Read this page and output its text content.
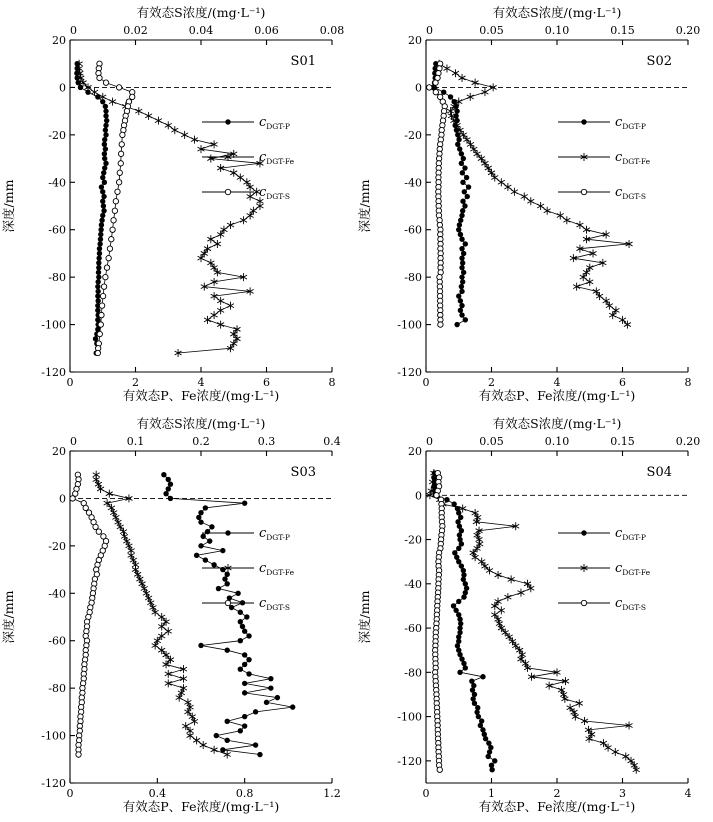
有效态S浓度/(mg·L⁻¹)
有效态P、Fe浓度/(mg·L⁻¹)
深度/mm
0	0.02	0.04	0.06	0.08
0	2	4	6	8
20
0
-20
-40
-60
-80
-100
-120
S01
cDGT-P
cDGT-Fe
cDGT-S
有效态S浓度/(mg·L⁻¹)
有效态P、Fe浓度/(mg·L⁻¹)
深度/mm
0	0.05	0.10	0.15	0.20
0	2	4	6	8
20
0
-20
-40
-60
-80
-100
-120
S02
cDGT-P
cDGT-Fe
cDGT-S
有效态S浓度/(mg·L⁻¹)
有效态P、Fe浓度/(mg·L⁻¹)
深度/mm
0	0.1	0.2	0.3	0.4
0	0.4	0.8	1.2
20
0
-20
-40
-60
-80
-100
-120
S03
cDGT-P
cDGT-Fe
cDGT-S
有效态S浓度/(mg·L⁻¹)
有效态P、Fe浓度/(mg·L⁻¹)
深度/mm
0	0.05	0.10	0.15	0.20
0	1	2	3	4
20
0
-20
-40
-60
-80
-100
-120
S04
cDGT-P
cDGT-Fe
cDGT-S
